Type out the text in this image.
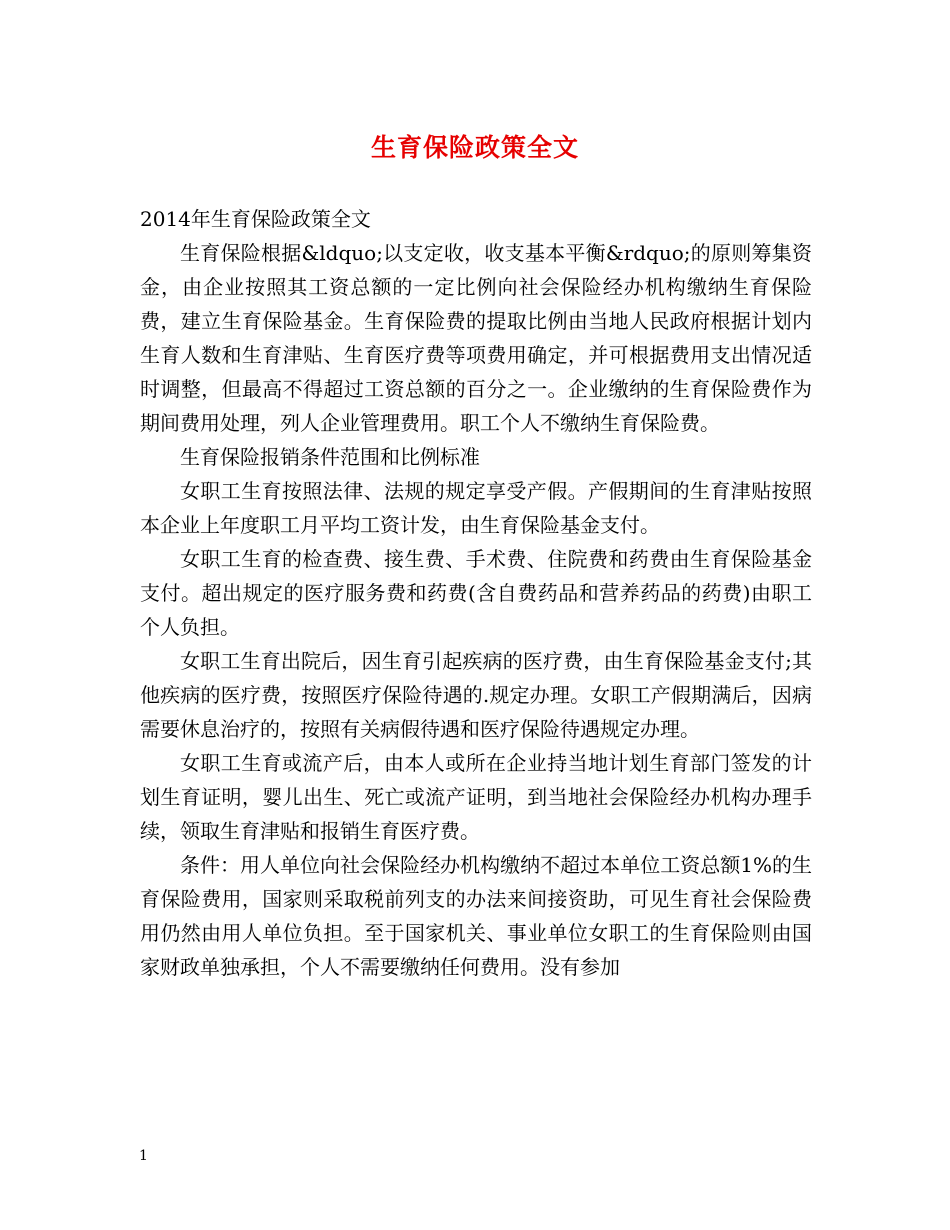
生育保险政策全文

2014年生育保险政策全文

生育保险根据&ldquo;以支定收，收支基本平衡&rdquo;的原则筹集资金，由企业按照其工资总额的一定比例向社会保险经办机构缴纳生育保险费，建立生育保险基金。生育保险费的提取比例由当地人民政府根据计划内生育人数和生育津贴、生育医疗费等项费用确定，并可根据费用支出情况适时调整，但最高不得超过工资总额的百分之一。企业缴纳的生育保险费作为期间费用处理，列人企业管理费用。职工个人不缴纳生育保险费。

生育保险报销条件范围和比例标准

女职工生育按照法律、法规的规定享受产假。产假期间的生育津贴按照本企业上年度职工月平均工资计发，由生育保险基金支付。

女职工生育的检查费、接生费、手术费、住院费和药费由生育保险基金支付。超出规定的医疗服务费和药费(含自费药品和营养药品的药费)由职工个人负担。

女职工生育出院后，因生育引起疾病的医疗费，由生育保险基金支付;其他疾病的医疗费，按照医疗保险待遇的.规定办理。女职工产假期满后，因病需要休息治疗的，按照有关病假待遇和医疗保险待遇规定办理。

女职工生育或流产后，由本人或所在企业持当地计划生育部门签发的计划生育证明，婴儿出生、死亡或流产证明，到当地社会保险经办机构办理手续，领取生育津贴和报销生育医疗费。

条件：用人单位向社会保险经办机构缴纳不超过本单位工资总额1%的生育保险费用，国家则采取税前列支的办法来间接资助，可见生育社会保险费用仍然由用人单位负担。至于国家机关、事业单位女职工的生育保险则由国家财政单独承担，个人不需要缴纳任何费用。没有参加

1
